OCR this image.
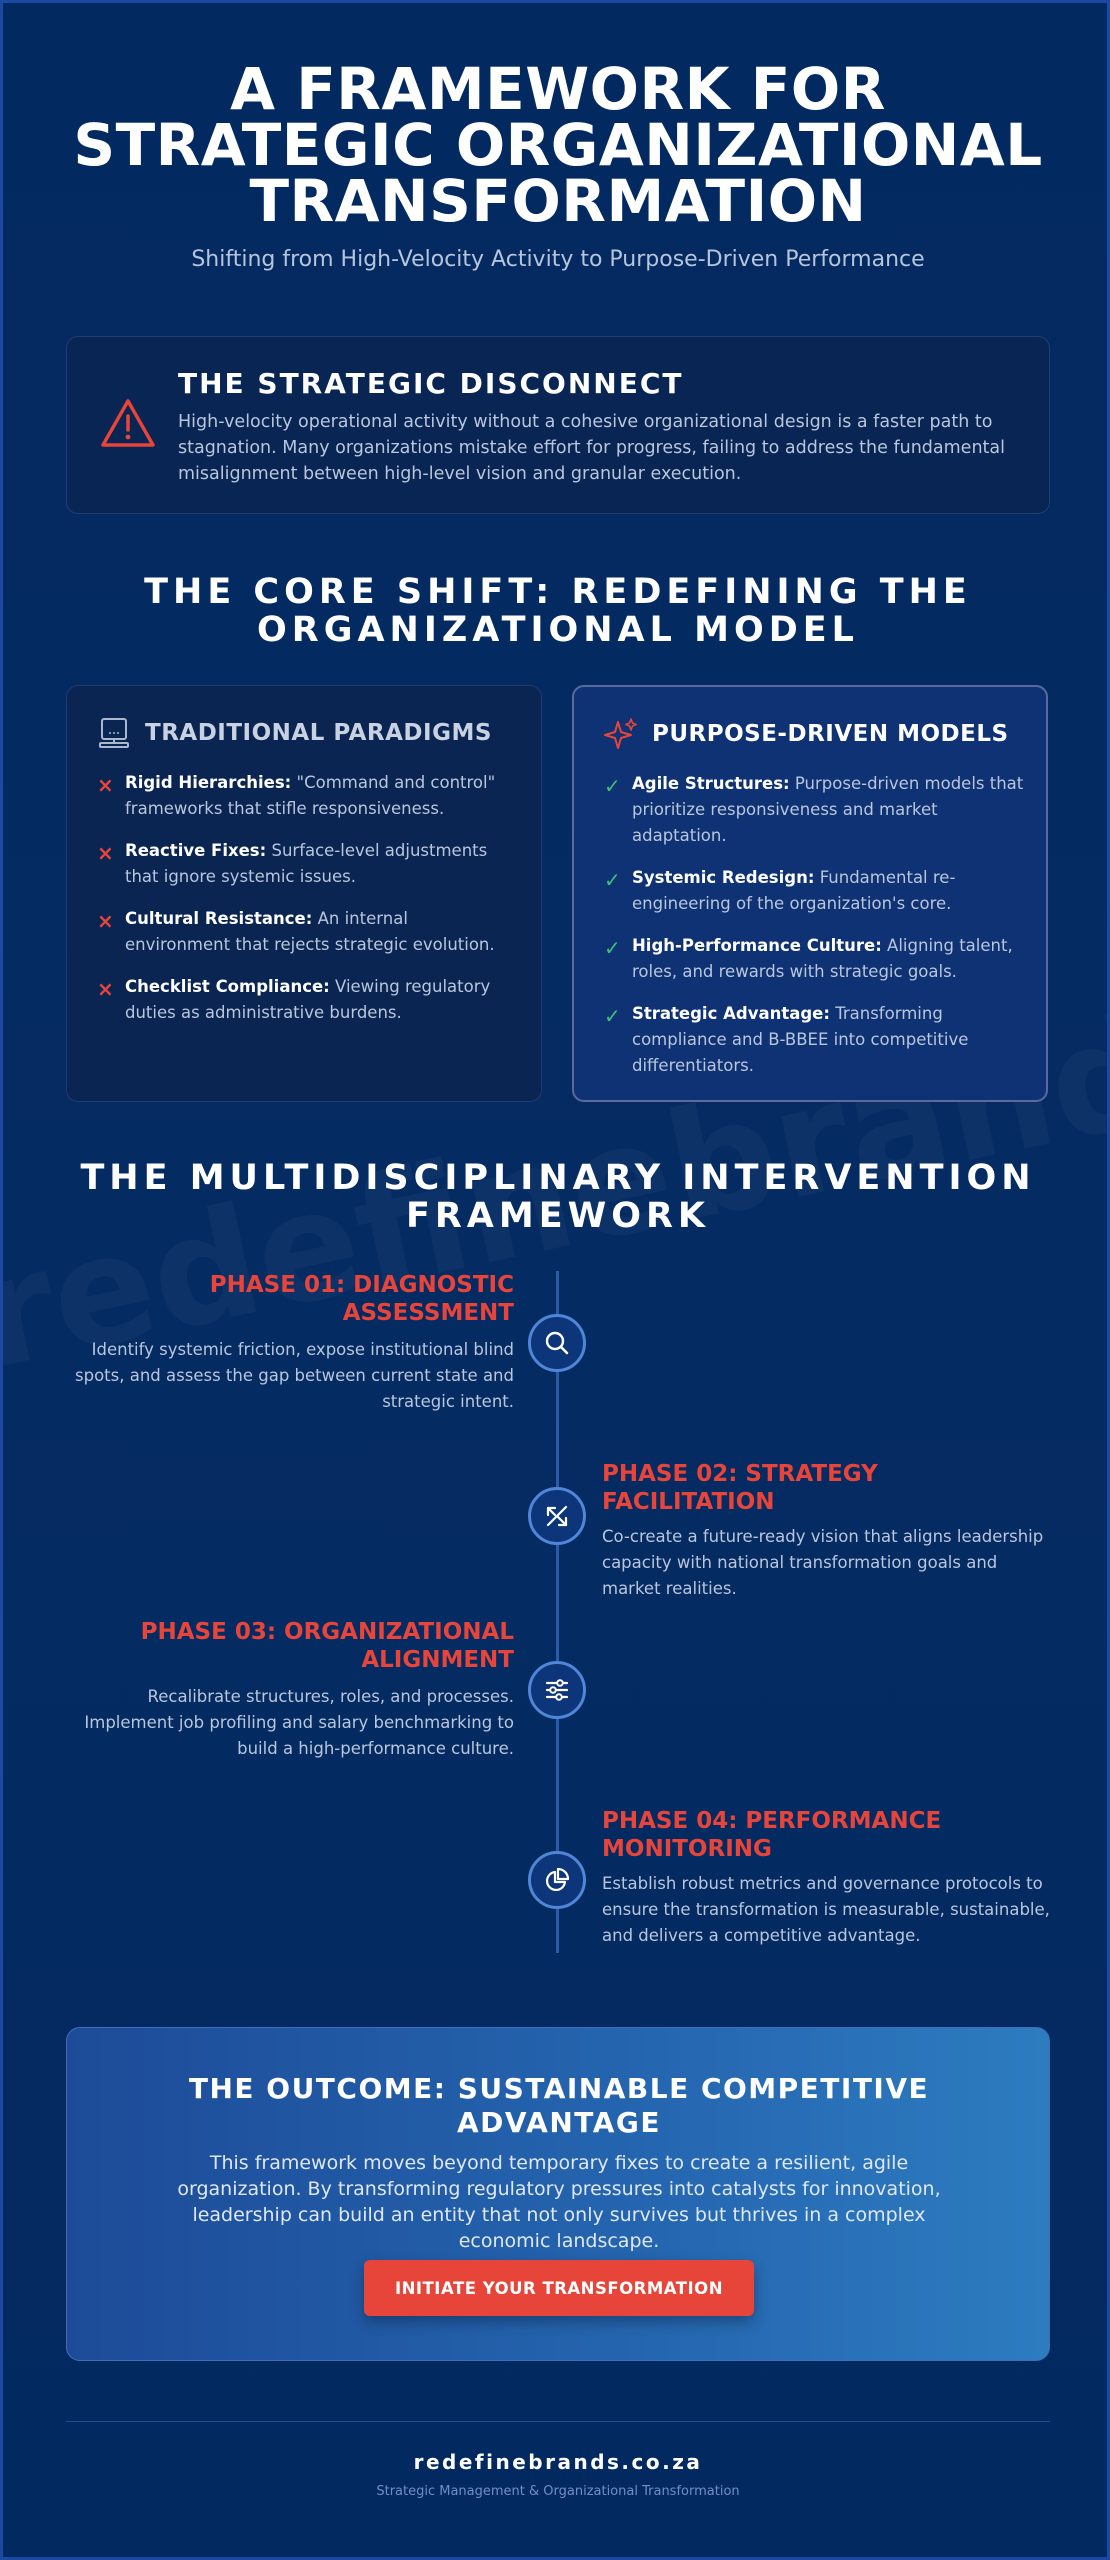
A FRAMEWORK FOR STRATEGIC ORGANIZATIONAL TRANSFORMATION
Shifting from High-Velocity Activity to Purpose-Driven Performance
THE STRATEGIC DISCONNECT
High-velocity operational activity without a cohesive organizational design is a faster path to stagnation. Many organizations mistake effort for progress, failing to address the fundamental misalignment between high-level vision and granular execution.
THE CORE SHIFT: REDEFINING THE ORGANIZATIONAL MODEL
TRADITIONAL PARADIGMS
× Rigid Hierarchies: "Command and control" frameworks that stifle responsiveness.
× Reactive Fixes: Surface-level adjustments that ignore systemic issues.
× Cultural Resistance: An internal environment that rejects strategic evolution.
× Checklist Compliance: Viewing regulatory duties as administrative burdens.
PURPOSE-DRIVEN MODELS
✓ Agile Structures: Purpose-driven models that prioritize responsiveness and market adaptation.
✓ Systemic Redesign: Fundamental re-engineering of the organization's core.
✓ High-Performance Culture: Aligning talent, roles, and rewards with strategic goals.
✓ Strategic Advantage: Transforming compliance and B-BBEE into competitive differentiators.
THE MULTIDISCIPLINARY INTERVENTION FRAMEWORK
PHASE 01: DIAGNOSTIC ASSESSMENT
Identify systemic friction, expose institutional blind spots, and assess the gap between current state and strategic intent.
PHASE 02: STRATEGY FACILITATION
Co-create a future-ready vision that aligns leadership capacity with national transformation goals and market realities.
PHASE 03: ORGANIZATIONAL ALIGNMENT
Recalibrate structures, roles, and processes. Implement job profiling and salary benchmarking to build a high-performance culture.
PHASE 04: PERFORMANCE MONITORING
Establish robust metrics and governance protocols to ensure the transformation is measurable, sustainable, and delivers a competitive advantage.
THE OUTCOME: SUSTAINABLE COMPETITIVE ADVANTAGE
This framework moves beyond temporary fixes to create a resilient, agile organization. By transforming regulatory pressures into catalysts for innovation, leadership can build an entity that not only survives but thrives in a complex economic landscape.
INITIATE YOUR TRANSFORMATION
redefinebrands.co.za
Strategic Management & Organizational Transformation
